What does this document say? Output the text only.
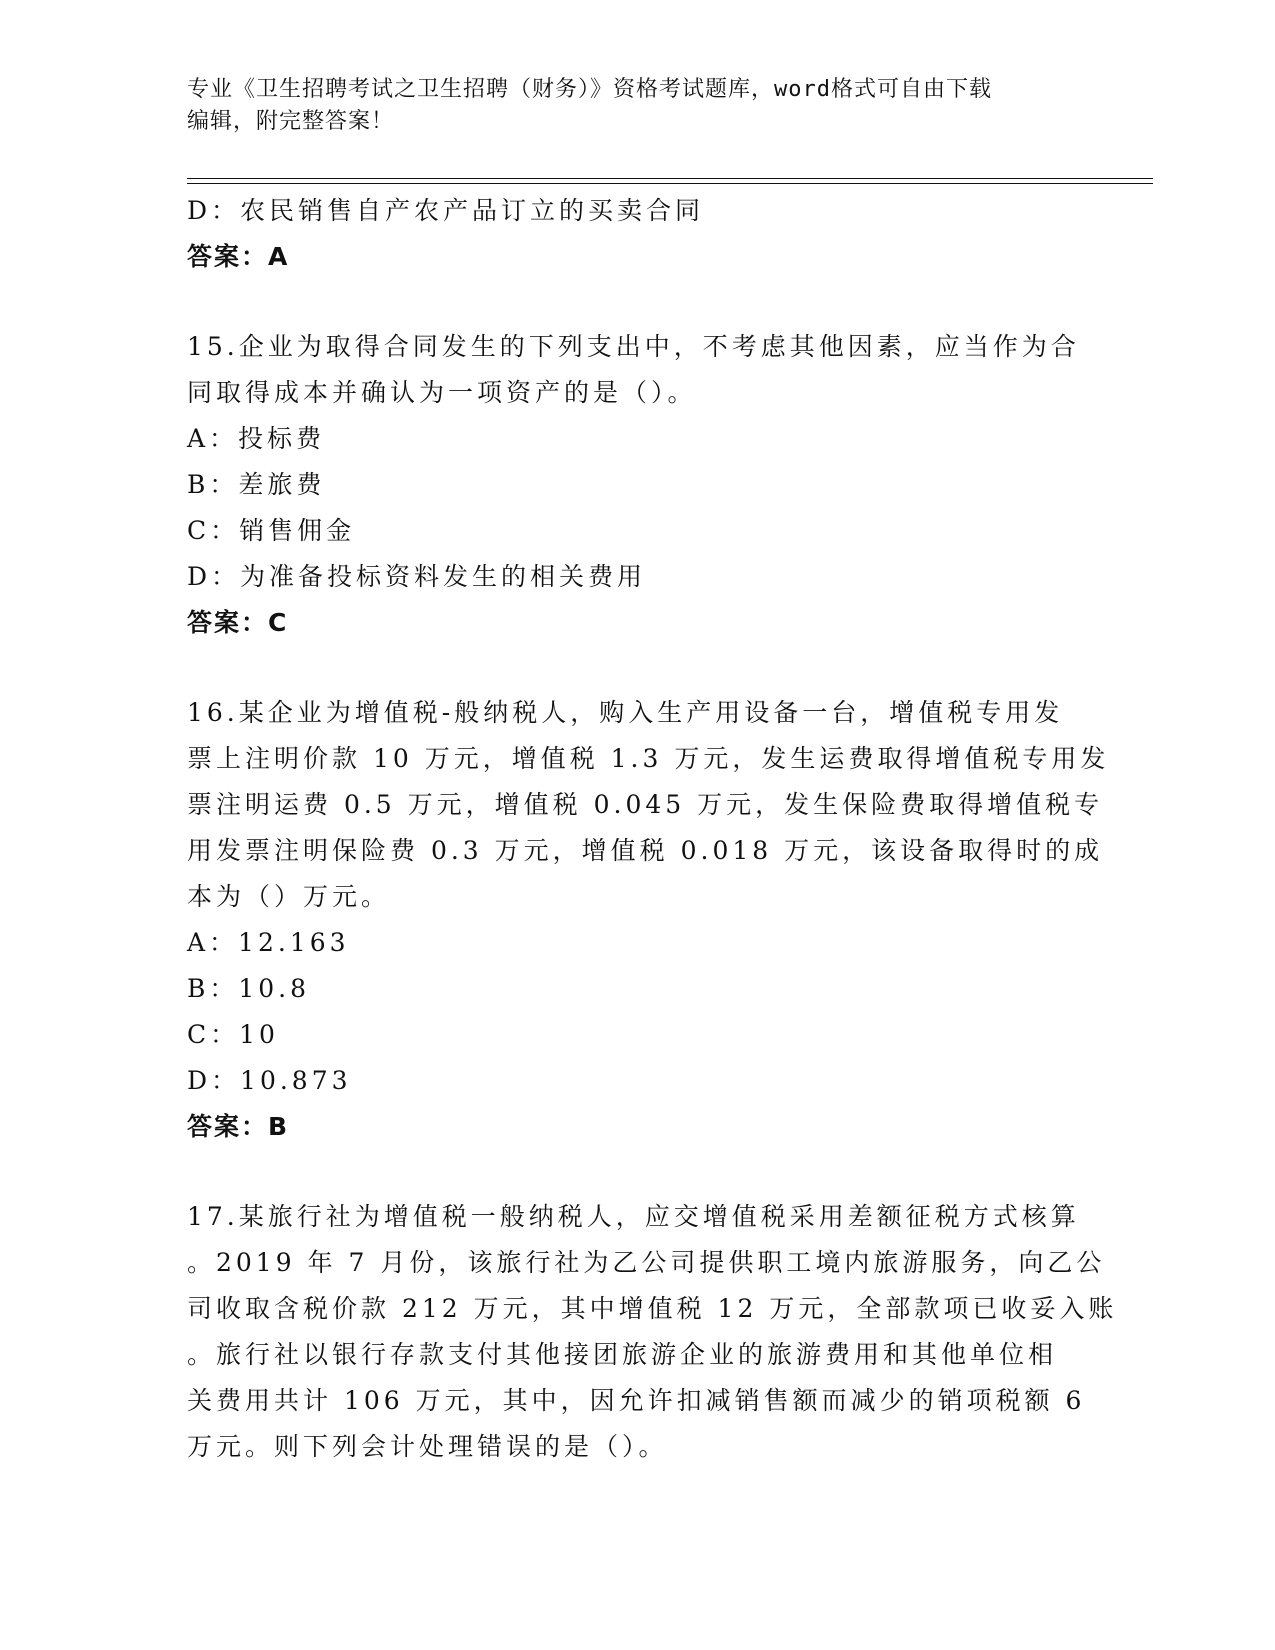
专业《卫生招聘考试之卫生招聘（财务）》资格考试题库，word格式可自由下载
编辑，附完整答案！
D：农民销售自产农产品订立的买卖合同
答案：A
15.企业为取得合同发生的下列支出中，不考虑其他因素，应当作为合
同取得成本并确认为一项资产的是（）。
A：投标费
B：差旅费
C：销售佣金
D：为准备投标资料发生的相关费用
答案：C
16.某企业为增值税-般纳税人，购入生产用设备一台，增值税专用发
票上注明价款 10 万元，增值税 1.3 万元，发生运费取得增值税专用发
票注明运费 0.5 万元，增值税 0.045 万元，发生保险费取得增值税专
用发票注明保险费 0.3 万元，增值税 0.018 万元，该设备取得时的成
本为（）万元。
A：12.163
B：10.8
C：10
D：10.873
答案：B
17.某旅行社为增值税一般纳税人，应交增值税采用差额征税方式核算
。2019 年 7 月份，该旅行社为乙公司提供职工境内旅游服务，向乙公
司收取含税价款 212 万元，其中增值税 12 万元，全部款项已收妥入账
。旅行社以银行存款支付其他接团旅游企业的旅游费用和其他单位相
关费用共计 106 万元，其中，因允许扣减销售额而减少的销项税额 6
万元。则下列会计处理错误的是（）。
